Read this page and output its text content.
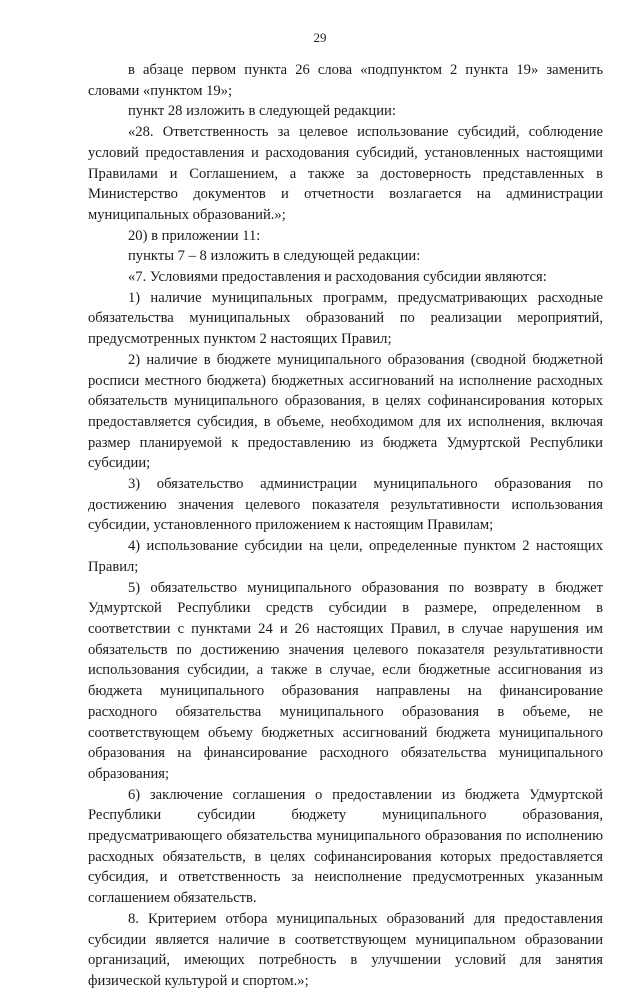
29

в абзаце первом пункта 26 слова «подпунктом 2 пункта 19» заменить словами «пунктом 19»;

пункт 28 изложить в следующей редакции:

«28. Ответственность за целевое использование субсидий, соблюдение условий предоставления и расходования субсидий, установленных настоящими Правилами и Соглашением, а также за достоверность представленных в Министерство документов и отчетности возлагается на администрации муниципальных образований.»;

20) в приложении 11:

пункты 7 – 8 изложить в следующей редакции:

«7. Условиями предоставления и расходования субсидии являются:

1) наличие муниципальных программ, предусматривающих расходные обязательства муниципальных образований по реализации мероприятий, предусмотренных пунктом 2 настоящих Правил;

2) наличие в бюджете муниципального образования (сводной бюджетной росписи местного бюджета) бюджетных ассигнований на исполнение расходных обязательств муниципального образования, в целях софинансирования которых предоставляется субсидия, в объеме, необходимом для их исполнения, включая размер планируемой к предоставлению из бюджета Удмуртской Республики субсидии;

3) обязательство администрации муниципального образования по достижению значения целевого показателя результативности использования субсидии, установленного приложением к настоящим Правилам;

4) использование субсидии на цели, определенные пунктом 2 настоящих Правил;

5) обязательство муниципального образования по возврату в бюджет Удмуртской Республики средств субсидии в размере, определенном в соответствии с пунктами 24 и 26 настоящих Правил, в случае нарушения им обязательств по достижению значения целевого показателя результативности использования субсидии, а также в случае, если бюджетные ассигнования из бюджета муниципального образования направлены на финансирование расходного обязательства муниципального образования в объеме, не соответствующем объему бюджетных ассигнований бюджета муниципального образования на финансирование расходного обязательства муниципального образования;

6) заключение соглашения о предоставлении из бюджета Удмуртской Республики субсидии бюджету муниципального образования, предусматривающего обязательства муниципального образования по исполнению расходных обязательств, в целях софинансирования которых предоставляется субсидия, и ответственность за неисполнение предусмотренных указанным соглашением обязательств.

8. Критерием отбора муниципальных образований для предоставления субсидии является наличие в соответствующем муниципальном образовании организаций, имеющих потребность в улучшении условий для занятия физической культурой и спортом.»;
